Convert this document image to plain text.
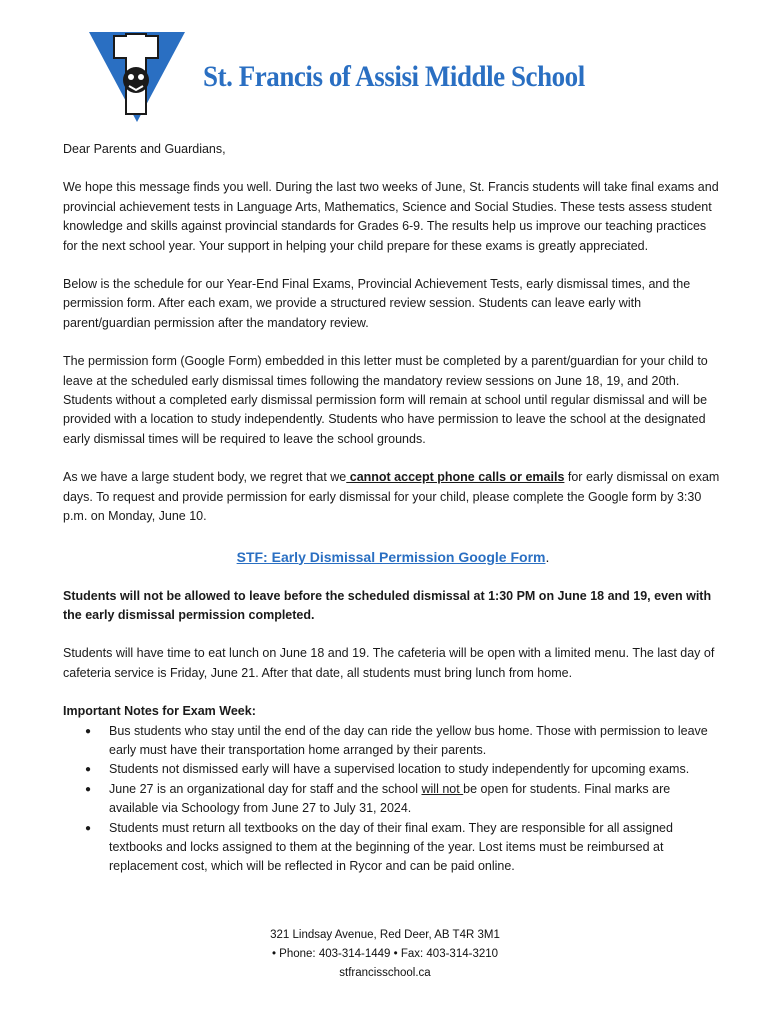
St. Francis of Assisi Middle School

Dear Parents and Guardians,

We hope this message finds you well. During the last two weeks of June, St. Francis students will take final exams and provincial achievement tests in Language Arts, Mathematics, Science and Social Studies. These tests assess student knowledge and skills against provincial standards for Grades 6-9. The results help us improve our teaching practices for the next school year. Your support in helping your child prepare for these exams is greatly appreciated.

Below is the schedule for our Year-End Final Exams, Provincial Achievement Tests, early dismissal times, and the permission form. After each exam, we provide a structured review session. Students can leave early with parent/guardian permission after the mandatory review.

The permission form (Google Form) embedded in this letter must be completed by a parent/guardian for your child to leave at the scheduled early dismissal times following the mandatory review sessions on June 18, 19, and 20th. Students without a completed early dismissal permission form will remain at school until regular dismissal and will be provided with a location to study independently. Students who have permission to leave the school at the designated early dismissal times will be required to leave the school grounds.

As we have a large student body, we regret that we cannot accept phone calls or emails for early dismissal on exam days. To request and provide permission for early dismissal for your child, please complete the Google form by 3:30 p.m. on Monday, June 10.

STF: Early Dismissal Permission Google Form.

Students will not be allowed to leave before the scheduled dismissal at 1:30 PM on June 18 and 19, even with the early dismissal permission completed.

Students will have time to eat lunch on June 18 and 19. The cafeteria will be open with a limited menu. The last day of cafeteria service is Friday, June 21. After that date, all students must bring lunch from home.

Important Notes for Exam Week:

● Bus students who stay until the end of the day can ride the yellow bus home. Those with permission to leave early must have their transportation home arranged by their parents.
● Students not dismissed early will have a supervised location to study independently for upcoming exams.
● June 27 is an organizational day for staff and the school will not be open for students. Final marks are available via Schoology from June 27 to July 31, 2024.
● Students must return all textbooks on the day of their final exam. They are responsible for all assigned textbooks and locks assigned to them at the beginning of the year. Lost items must be reimbursed at replacement cost, which will be reflected in Rycor and can be paid online.
321 Lindsay Avenue, Red Deer, AB T4R 3M1
• Phone: 403-314-1449 • Fax: 403-314-3210
stfrancisschool.ca
